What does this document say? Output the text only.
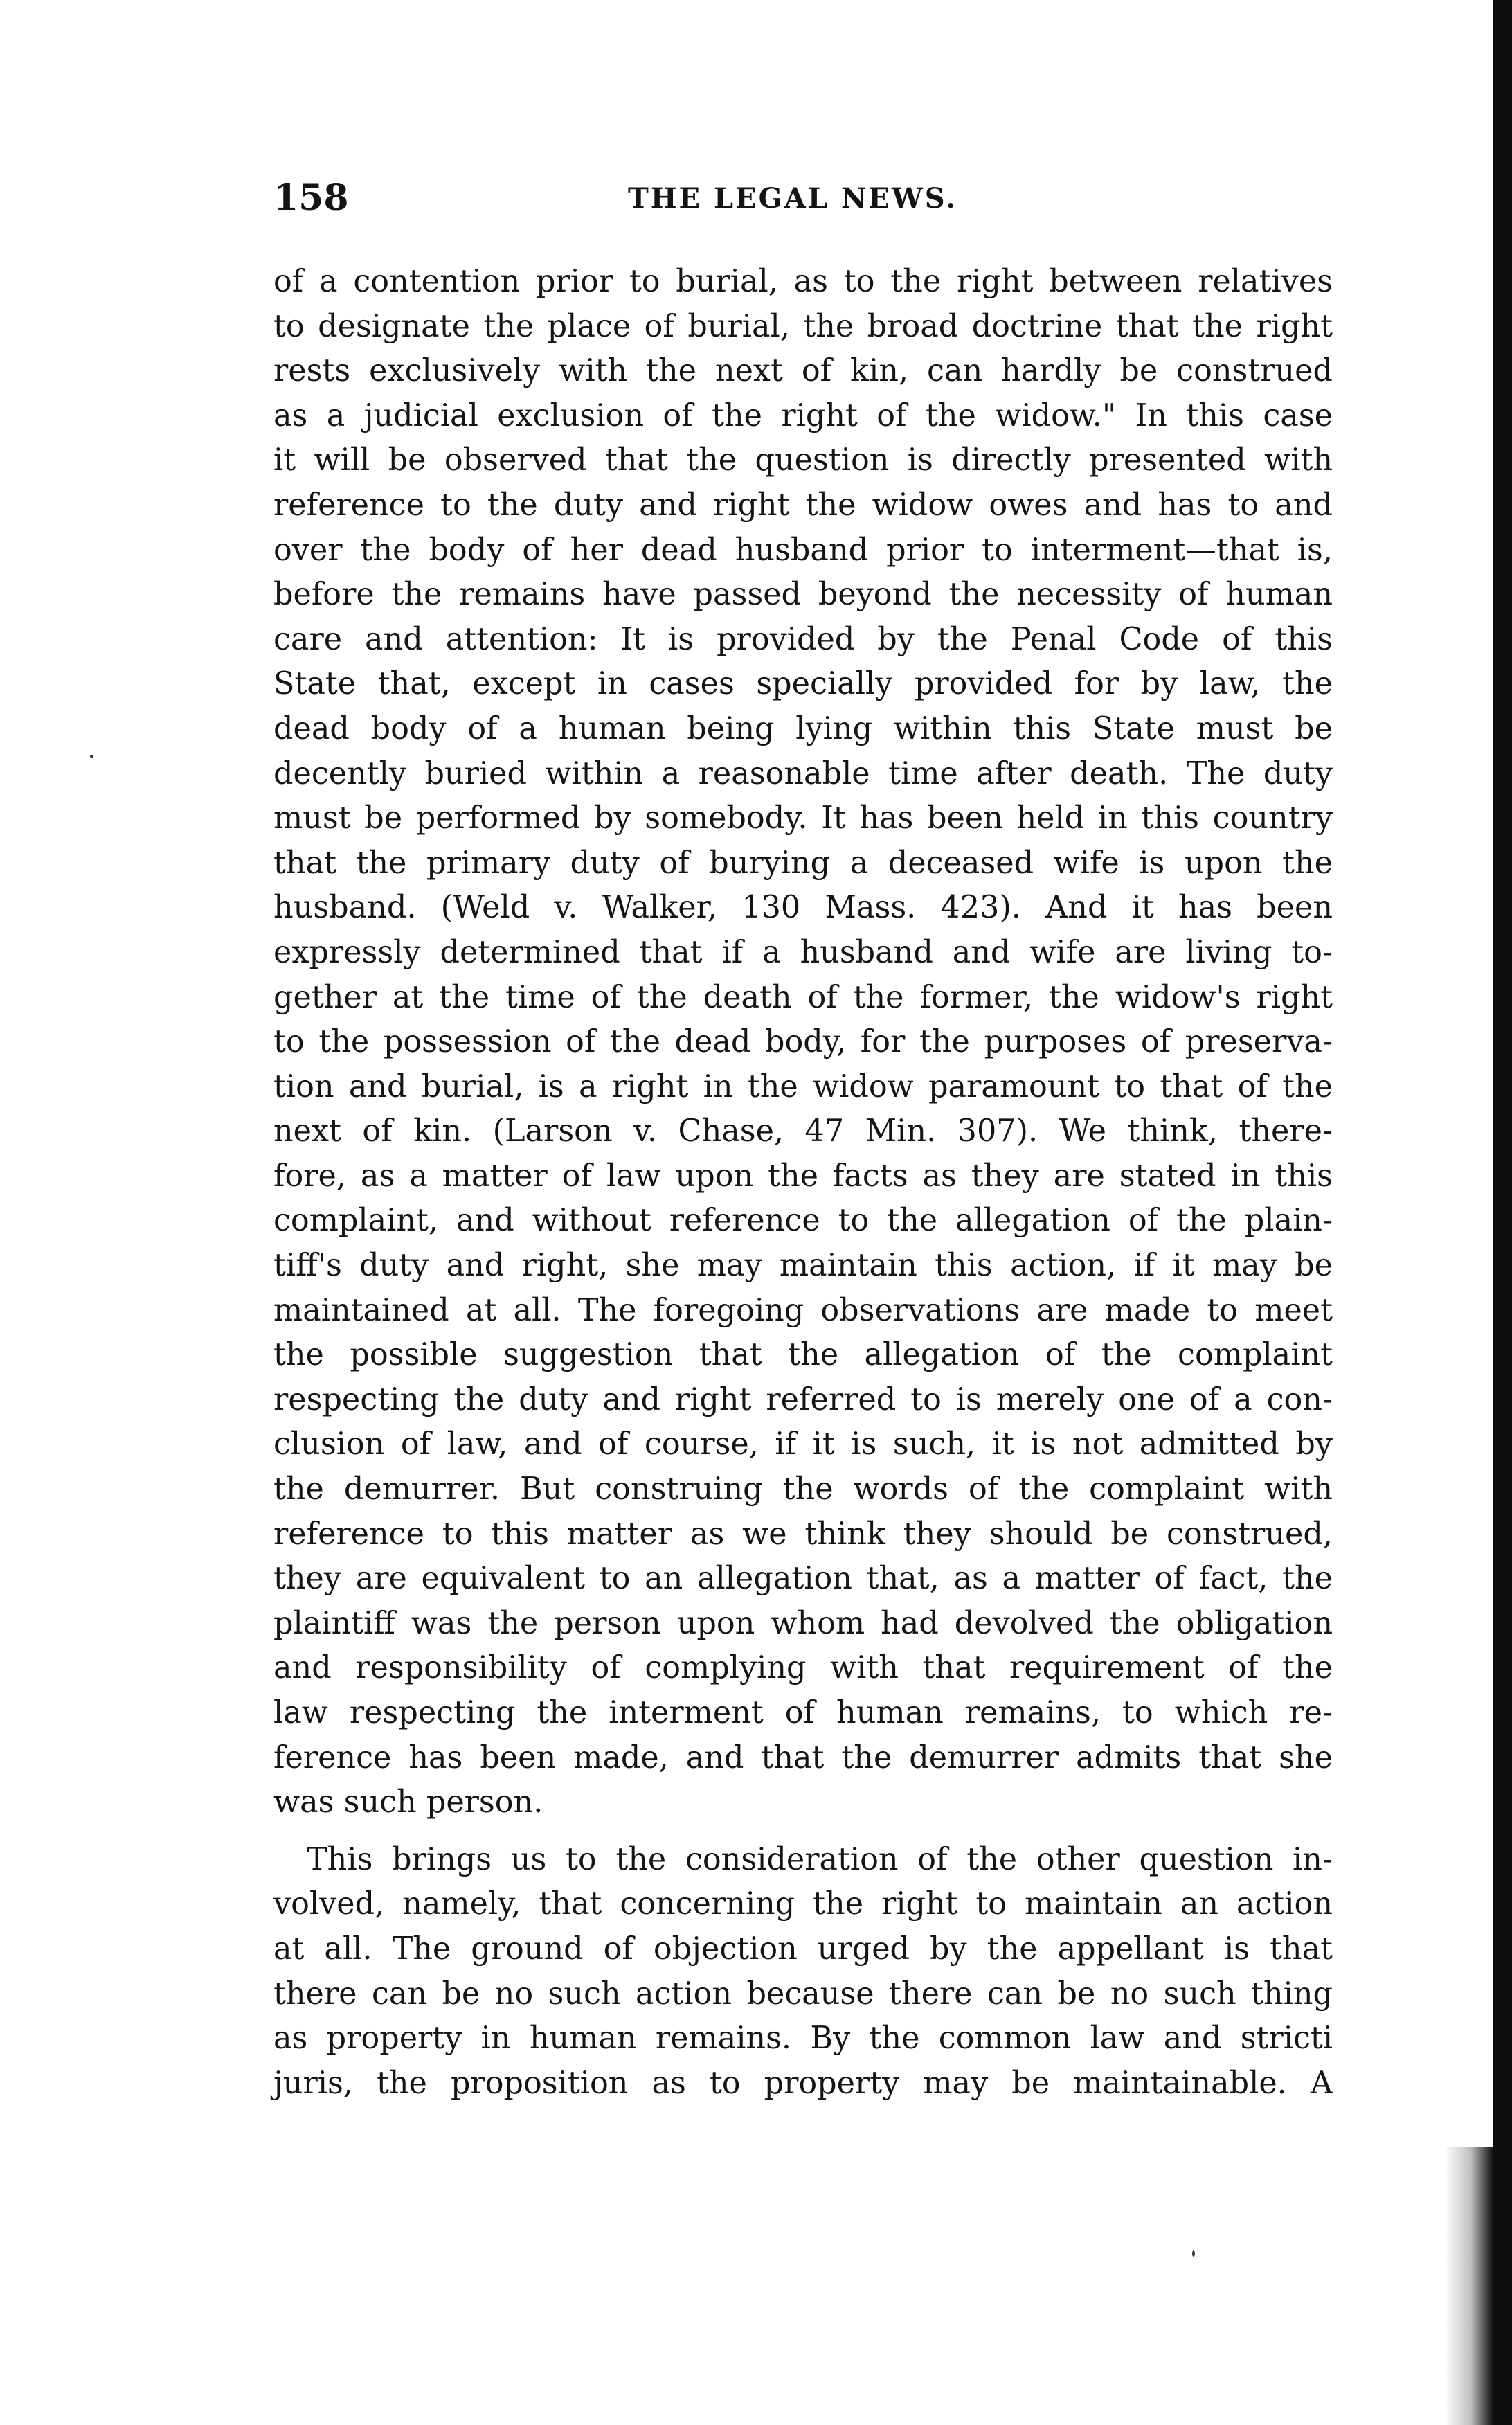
158	THE LEGAL NEWS.
of a contention prior to burial, as to the right between relatives
to designate the place of burial, the broad doctrine that the right
rests exclusively with the next of kin, can hardly be construed
as a judicial exclusion of the right of the widow." In this case
it will be observed that the question is directly presented with
reference to the duty and right the widow owes and has to and
over the body of her dead husband prior to interment—that is,
before the remains have passed beyond the necessity of human
care and attention: It is provided by the Penal Code of this
State that, except in cases specially provided for by law, the
dead body of a human being lying within this State must be
decently buried within a reasonable time after death. The duty
must be performed by somebody. It has been held in this country
that the primary duty of burying a deceased wife is upon the
husband. (Weld v. Walker, 130 Mass. 423). And it has been
expressly determined that if a husband and wife are living to-
gether at the time of the death of the former, the widow's right
to the possession of the dead body, for the purposes of preserva-
tion and burial, is a right in the widow paramount to that of the
next of kin. (Larson v. Chase, 47 Min. 307). We think, there-
fore, as a matter of law upon the facts as they are stated in this
complaint, and without reference to the allegation of the plain-
tiff's duty and right, she may maintain this action, if it may be
maintained at all. The foregoing observations are made to meet
the possible suggestion that the allegation of the complaint
respecting the duty and right referred to is merely one of a con-
clusion of law, and of course, if it is such, it is not admitted by
the demurrer. But construing the words of the complaint with
reference to this matter as we think they should be construed,
they are equivalent to an allegation that, as a matter of fact, the
plaintiff was the person upon whom had devolved the obligation
and responsibility of complying with that requirement of the
law respecting the interment of human remains, to which re-
ference has been made, and that the demurrer admits that she
was such person.
This brings us to the consideration of the other question in-
volved, namely, that concerning the right to maintain an action
at all. The ground of objection urged by the appellant is that
there can be no such action because there can be no such thing
as property in human remains. By the common law and stricti
juris, the proposition as to property may be maintainable. A
